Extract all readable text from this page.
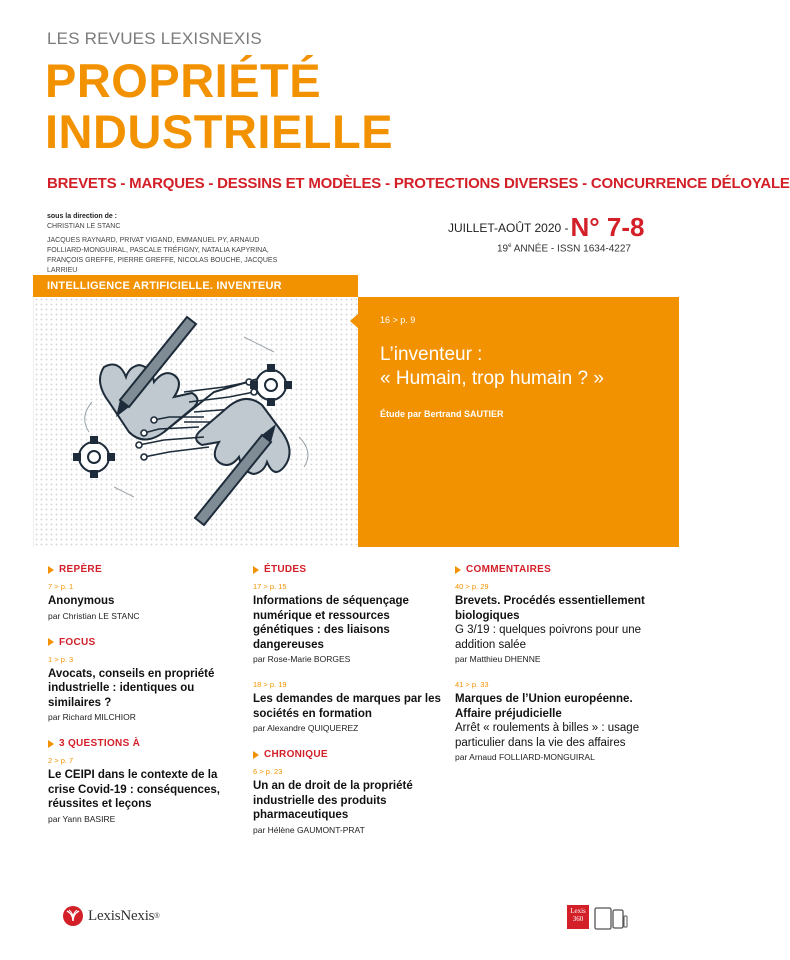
LES REVUES LEXISNEXIS
PROPRIÉTÉ
INDUSTRIELLE
BREVETS - MARQUES - DESSINS ET MODÈLES - PROTECTIONS DIVERSES - CONCURRENCE DÉLOYALE
sous la direction de :
CHRISTIAN LE STANC
JACQUES RAYNARD, PRIVAT VIGAND, EMMANUEL PY, ARNAUD FOLLIARD-MONGUIRAL, PASCALE TRÉFIGNY, NATALIA KAPYRINA, FRANÇOIS GREFFE, PIERRE GREFFE, NICOLAS BOUCHE, JACQUES LARRIEU
JUILLET-AOÛT 2020 -N° 7-8
19e ANNÉE - ISSN 1634-4227
INTELLIGENCE ARTIFICIELLE. INVENTEUR
16 > p. 9
L’inventeur :
« Humain, trop humain ? »
Étude par Bertrand SAUTIER
REPÈRE
7 > p. 1
Anonymous
par Christian LE STANC
FOCUS
1 > p. 3
Avocats, conseils en propriété industrielle : identiques ou similaires ?
par Richard MILCHIOR
3 QUESTIONS À
2 > p. 7
Le CEIPI dans le contexte de la crise Covid-19 : conséquences, réussites et leçons
par Yann BASIRE
ÉTUDES
17 > p. 15
Informations de séquençage numérique et ressources génétiques : des liaisons dangereuses
par Rose-Marie BORGES
18 > p. 19
Les demandes de marques par les sociétés en formation
par Alexandre QUIQUEREZ
CHRONIQUE
6 > p. 23
Un an de droit de la propriété industrielle des produits pharmaceutiques
par Hélène GAUMONT-PRAT
COMMENTAIRES
40 > p. 29
Brevets. Procédés essentiellement biologiques
G 3/19 : quelques poivrons pour une addition salée
par Matthieu DHENNE
41 > p. 33
Marques de l’Union européenne. Affaire préjudicielle
Arrêt « roulements à billes » : usage particulier dans la vie des affaires
par Arnaud FOLLIARD-MONGUIRAL
LexisNexis ®
Lexis
360
